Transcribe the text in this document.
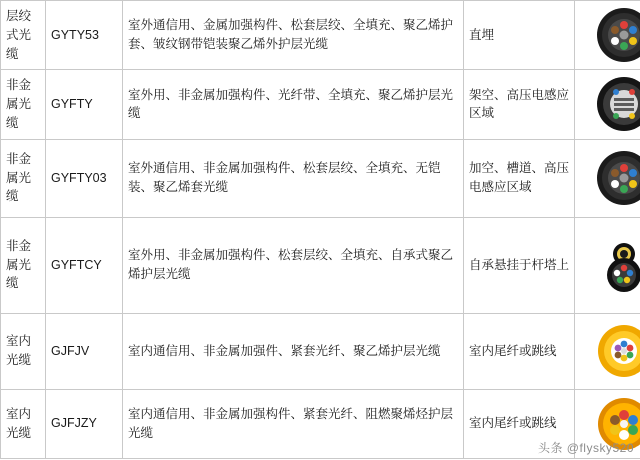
层绞式光缆	GYTY53	室外通信用、金属加强构件、松套层绞、全填充、聚乙烯护套、皱纹钢带铠装聚乙烯外护层光缆	直埋	

非金属光缆	GYFTY	室外用、非金属加强构件、光纤带、全填充、聚乙烯护层光缆	架空、高压电感应区域	

非金属光缆	GYFTY03	室外通信用、非金属加强构件、松套层绞、全填充、无铠装、聚乙烯套光缆	加空、槽道、高压电感应区域	

非金属光缆	GYFTCY	室外用、非金属加强构件、松套层绞、全填充、自承式聚乙烯护层光缆	自承悬挂于杆塔上	

室内光缆	GJFJV	室内通信用、非金属加强件、紧套光纤、聚乙烯护层光缆	室内尾纤或跳线	

室内光缆	GJFJZY	室内通信用、非金属加强构件、紧套光纤、阻燃聚烯烃护层光缆	室内尾纤或跳线	
头条 @flysky520
